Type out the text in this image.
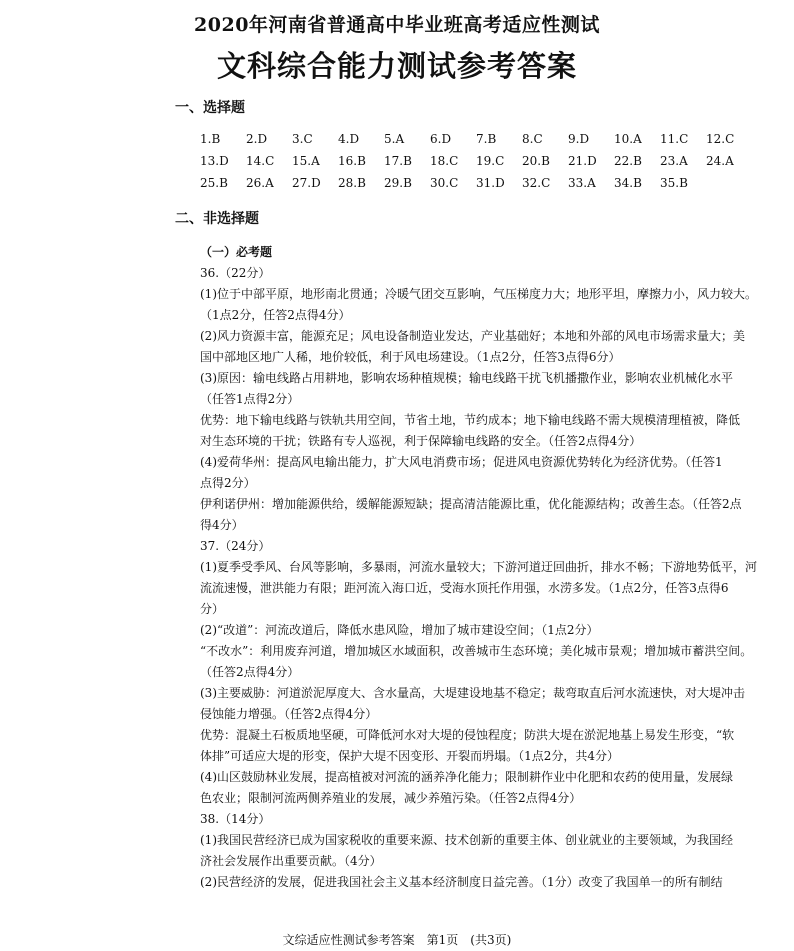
2020年河南省普通高中毕业班高考适应性测试
文科综合能力测试参考答案
一、选择题
1.B	2.D	3.C	4.D	5.A	6.D	7.B	8.C	9.D	10.A	11.C	12.C
13.D	14.C	15.A	16.B	17.B	18.C	19.C	20.B	21.D	22.B	23.A	24.A
25.B	26.A	27.D	28.B	29.B	30.C	31.D	32.C	33.A	34.B	35.B
二、非选择题
（一）必考题
36.（22分）
(1)位于中部平原，地形南北贯通；冷暖气团交互影响，气压梯度力大；地形平坦，摩擦力小，风力较大。
（1点2分，任答2点得4分）
(2)风力资源丰富，能源充足；风电设备制造业发达，产业基础好；本地和外部的风电市场需求量大；美
国中部地区地广人稀，地价较低，利于风电场建设。（1点2分，任答3点得6分）
(3)原因：输电线路占用耕地，影响农场种植规模；输电线路干扰飞机播撒作业，影响农业机械化水平
（任答1点得2分）
优势：地下输电线路与铁轨共用空间，节省土地，节约成本；地下输电线路不需大规模清理植被，降低
对生态环境的干扰；铁路有专人巡视，利于保障输电线路的安全。（任答2点得4分）
(4)爱荷华州：提高风电输出能力，扩大风电消费市场；促进风电资源优势转化为经济优势。（任答1
点得2分）
伊利诺伊州：增加能源供给，缓解能源短缺；提高清洁能源比重，优化能源结构；改善生态。（任答2点
得4分）
37.（24分）
(1)夏季受季风、台风等影响，多暴雨，河流水量较大；下游河道迂回曲折，排水不畅；下游地势低平，河
流流速慢，泄洪能力有限；距河流入海口近，受海水顶托作用强，水涝多发。（1点2分，任答3点得6
分）
(2)“改道”：河流改道后，降低水患风险，增加了城市建设空间；（1点2分）
“不改水”：利用废弃河道，增加城区水域面积，改善城市生态环境；美化城市景观；增加城市蓄洪空间。
（任答2点得4分）
(3)主要威胁：河道淤泥厚度大、含水量高，大堤建设地基不稳定；裁弯取直后河水流速快，对大堤冲击
侵蚀能力增强。（任答2点得4分）
优势：混凝土石板质地坚硬，可降低河水对大堤的侵蚀程度；防洪大堤在淤泥地基上易发生形变，“软
体排”可适应大堤的形变，保护大堤不因变形、开裂而坍塌。（1点2分，共4分）
(4)山区鼓励林业发展，提高植被对河流的涵养净化能力；限制耕作业中化肥和农药的使用量，发展绿
色农业；限制河流两侧养殖业的发展，减少养殖污染。（任答2点得4分）
38.（14分）
(1)我国民营经济已成为国家税收的重要来源、技术创新的重要主体、创业就业的主要领域，为我国经
济社会发展作出重要贡献。（4分）
(2)民营经济的发展，促进我国社会主义基本经济制度日益完善。（1分）改变了我国单一的所有制结
文综适应性测试参考答案　第1页　(共3页)
